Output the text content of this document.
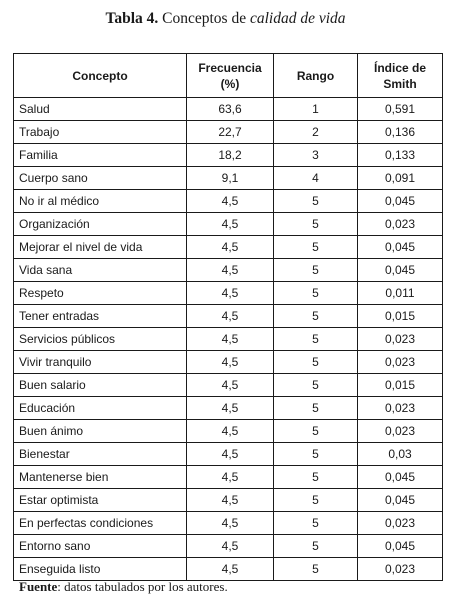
Tabla 4. Conceptos de calidad de vida
Concepto	Frecuencia (%)	Rango	Índice de Smith
Salud	63,6	1	0,591
Trabajo	22,7	2	0,136
Familia	18,2	3	0,133
Cuerpo sano	9,1	4	0,091
No ir al médico	4,5	5	0,045
Organización	4,5	5	0,023
Mejorar el nivel de vida	4,5	5	0,045
Vida sana	4,5	5	0,045
Respeto	4,5	5	0,011
Tener entradas	4,5	5	0,015
Servicios públicos	4,5	5	0,023
Vivir tranquilo	4,5	5	0,023
Buen salario	4,5	5	0,015
Educación	4,5	5	0,023
Buen ánimo	4,5	5	0,023
Bienestar	4,5	5	0,03
Mantenerse bien	4,5	5	0,045
Estar optimista	4,5	5	0,045
En perfectas condiciones	4,5	5	0,023
Entorno sano	4,5	5	0,045
Enseguida listo	4,5	5	0,023
Fuente: datos tabulados por los autores.
